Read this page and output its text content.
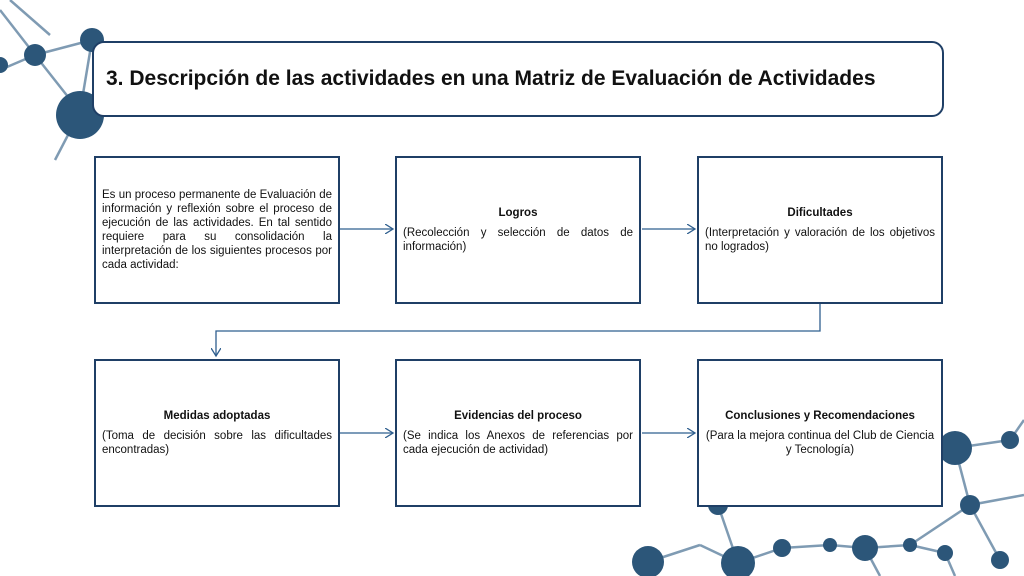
3. Descripción de las actividades en una Matriz de Evaluación de Actividades
Es un proceso permanente de Evaluación de información y reflexión sobre el proceso de ejecución de las actividades. En tal sentido requiere para su consolidación la interpretación de los siguientes procesos por cada actividad:
Logros
(Recolección y selección de datos de información)
Dificultades
(Interpretación y valoración de los objetivos no logrados)
Medidas adoptadas
(Toma de decisión sobre las dificultades encontradas)
Evidencias del proceso
(Se indica los Anexos de referencias por cada ejecución de actividad)
Conclusiones y Recomendaciones
(Para la mejora continua del Club de Ciencia y Tecnología)
